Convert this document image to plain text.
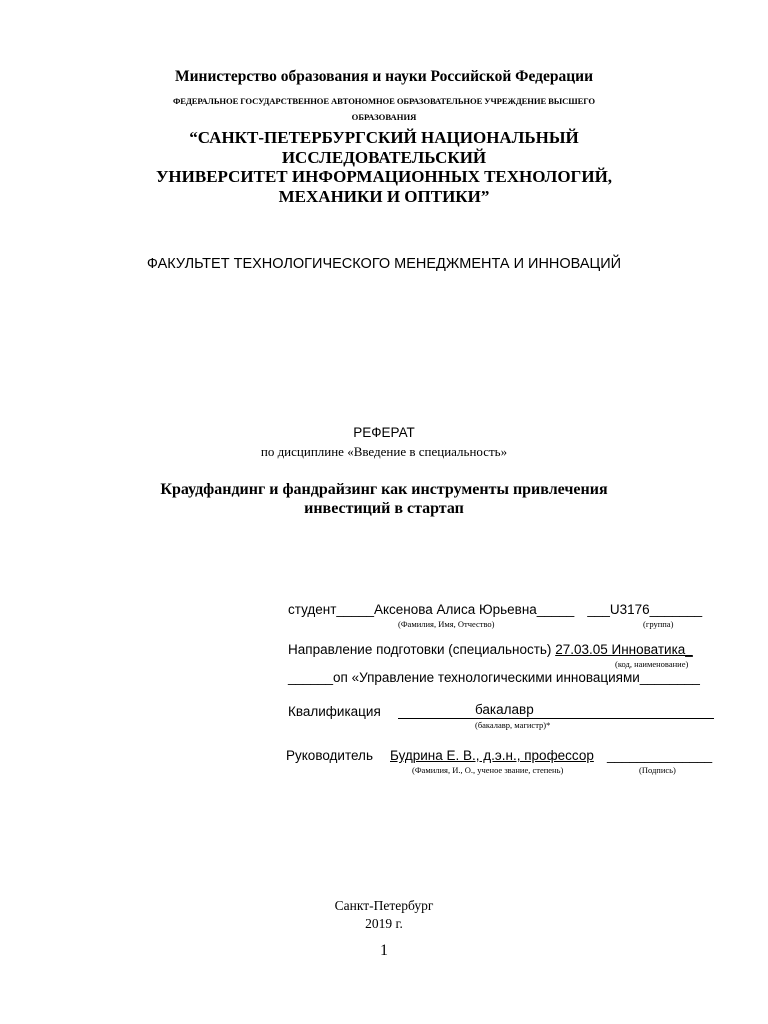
Министерство образования и науки Российской Федерации
ФЕДЕРАЛЬНОЕ ГОСУДАРСТВЕННОЕ АВТОНОМНОЕ ОБРАЗОВАТЕЛЬНОЕ УЧРЕЖДЕНИЕ ВЫСШЕГО
ОБРАЗОВАНИЯ
“САНКТ-ПЕТЕРБУРГСКИЙ НАЦИОНАЛЬНЫЙ
ИССЛЕДОВАТЕЛЬСКИЙ
УНИВЕРСИТЕТ ИНФОРМАЦИОННЫХ ТЕХНОЛОГИЙ,
МЕХАНИКИ И ОПТИКИ”
ФАКУЛЬТЕТ ТЕХНОЛОГИЧЕСКОГО МЕНЕДЖМЕНТА И ИННОВАЦИЙ
РЕФЕРАТ
по дисциплине «Введение в специальность»
Краудфандинг и фандрайзинг как инструменты привлечения
инвестиций в стартап
студент_____Аксенова Алиса Юрьевна_____ ___U3176_______
(Фамилия, Имя, Отчество)	(группа)
Направление подготовки (специальность) 27.03.05 Инноватика_
(код, наименование)
______оп «Управление технологическими инновациями________
Квалификация	бакалавр
(бакалавр, магистр)*
Руководитель Будрина Е. В., д.э.н., профессор ______________
(Фамилия, И., О., ученое звание, степень)	(Подпись)
Санкт-Петербург
2019 г.
1
